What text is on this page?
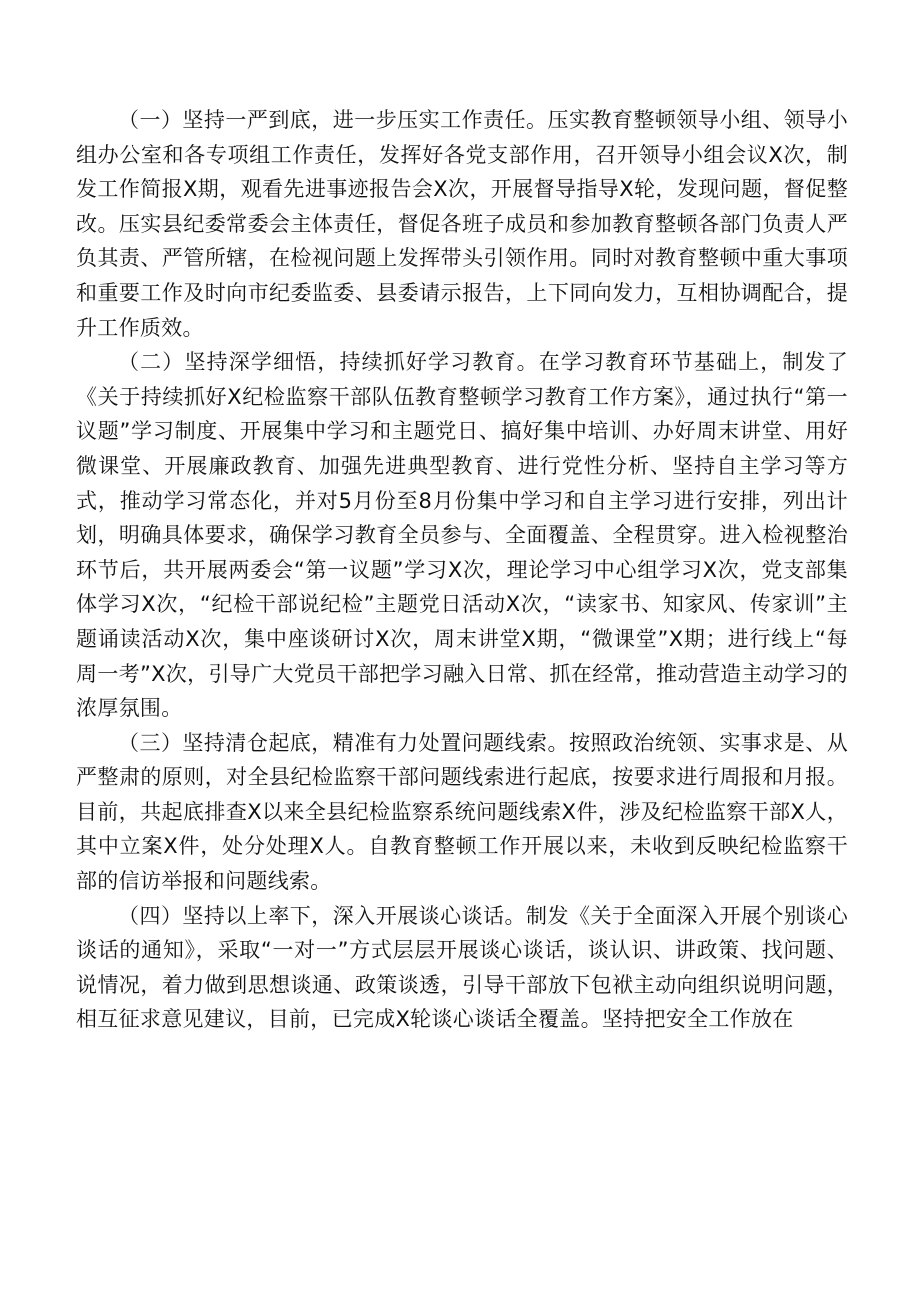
（一）坚持一严到底，进一步压实工作责任。压实教育整顿领导小组、领导小组办公室和各专项组工作责任，发挥好各党支部作用，召开领导小组会议X次，制发工作简报X期，观看先进事迹报告会X次，开展督导指导X轮，发现问题，督促整改。压实县纪委常委会主体责任，督促各班子成员和参加教育整顿各部门负责人严负其责、严管所辖，在检视问题上发挥带头引领作用。同时对教育整顿中重大事项和重要工作及时向市纪委监委、县委请示报告，上下同向发力，互相协调配合，提升工作质效。

（二）坚持深学细悟，持续抓好学习教育。在学习教育环节基础上，制发了《关于持续抓好X纪检监察干部队伍教育整顿学习教育工作方案》，通过执行“第一议题”学习制度、开展集中学习和主题党日、搞好集中培训、办好周末讲堂、用好微课堂、开展廉政教育、加强先进典型教育、进行党性分析、坚持自主学习等方式，推动学习常态化，并对5月份至8月份集中学习和自主学习进行安排，列出计划，明确具体要求，确保学习教育全员参与、全面覆盖、全程贯穿。进入检视整治环节后，共开展两委会“第一议题”学习X次，理论学习中心组学习X次，党支部集体学习X次，“纪检干部说纪检”主题党日活动X次，“读家书、知家风、传家训”主题诵读活动X次，集中座谈研讨X次，周末讲堂X期，“微课堂”X期；进行线上“每周一考”X次，引导广大党员干部把学习融入日常、抓在经常，推动营造主动学习的浓厚氛围。

（三）坚持清仓起底，精准有力处置问题线索。按照政治统领、实事求是、从严整肃的原则，对全县纪检监察干部问题线索进行起底，按要求进行周报和月报。目前，共起底排查X以来全县纪检监察系统问题线索X件，涉及纪检监察干部X人，其中立案X件，处分处理X人。自教育整顿工作开展以来，未收到反映纪检监察干部的信访举报和问题线索。

（四）坚持以上率下，深入开展谈心谈话。制发《关于全面深入开展个别谈心谈话的通知》，采取“一对一”方式层层开展谈心谈话，谈认识、讲政策、找问题、说情况，着力做到思想谈通、政策谈透，引导干部放下包袱主动向组织说明问题，相互征求意见建议，目前，已完成X轮谈心谈话全覆盖。坚持把安全工作放在
